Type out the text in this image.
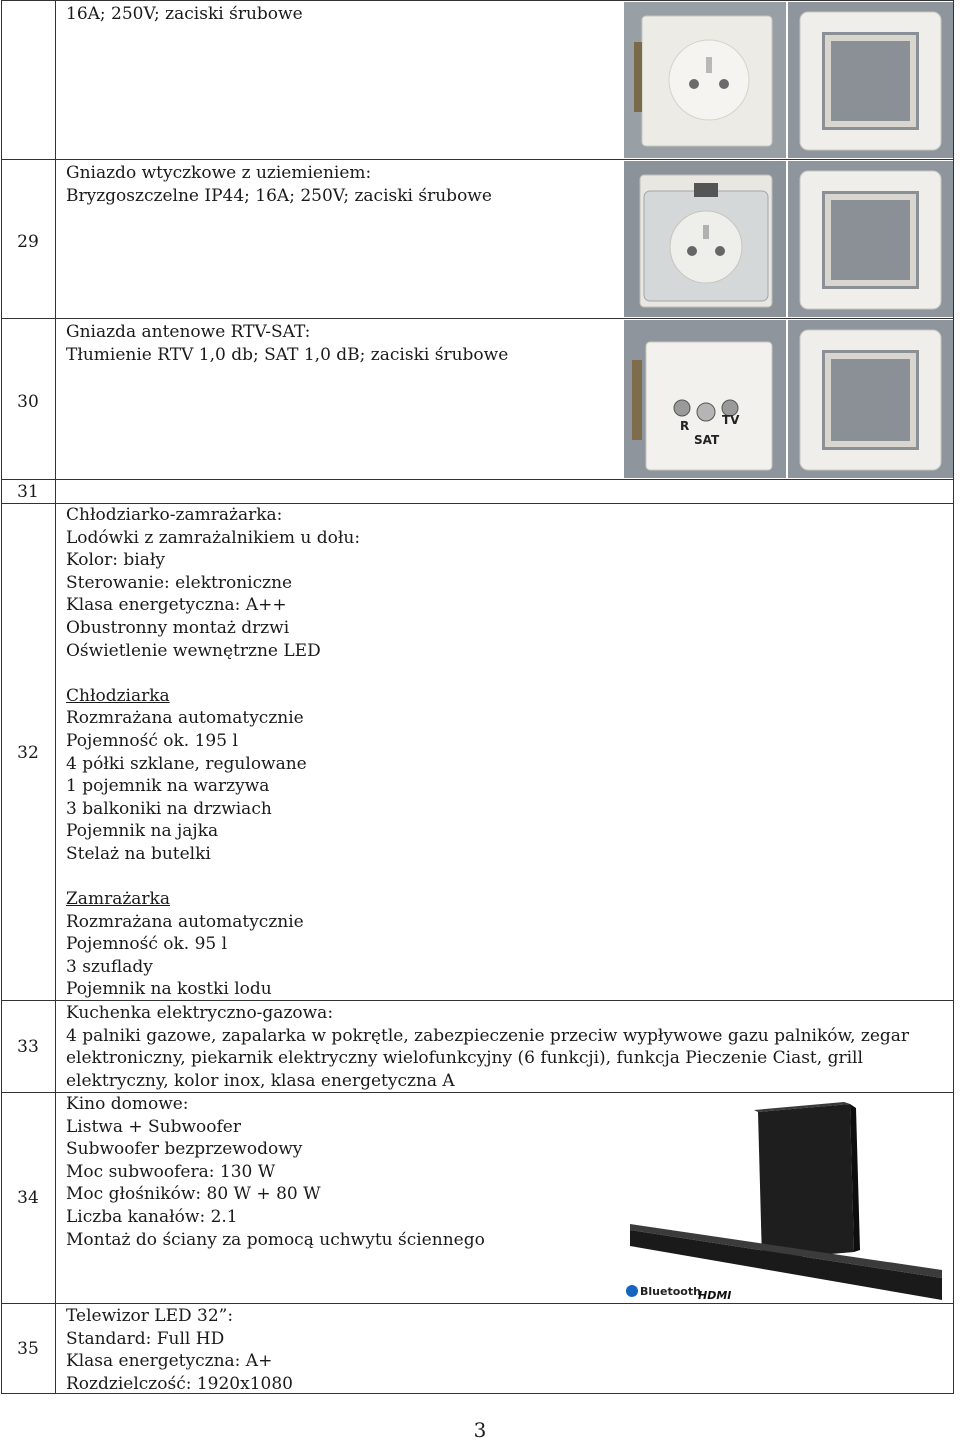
16A; 250V; zaciski śrubowe
29
Gniazdo wtyczkowe z uziemieniem:
Bryzgoszczelne IP44; 16A; 250V; zaciski śrubowe
30
Gniazda antenowe RTV-SAT:
Tłumienie RTV 1,0 db; SAT 1,0 dB; zaciski śrubowe
R	TV
SAT
31
32
Chłodziarko-zamrażarka:
Lodówki z zamrażalnikiem u dołu:
Kolor: biały
Sterowanie: elektroniczne
Klasa energetyczna: A++
Obustronny montaż drzwi
Oświetlenie wewnętrzne LED
Chłodziarka
Rozmrażana automatycznie
Pojemność ok. 195 l
4 półki szklane, regulowane
1 pojemnik na warzywa
3 balkoniki na drzwiach
Pojemnik na jajka
Stelaż na butelki
Zamrażarka
Rozmrażana automatycznie
Pojemność ok. 95 l
3 szuflady
Pojemnik na kostki lodu
33
Kuchenka elektryczno-gazowa:
4 palniki gazowe, zapalarka w pokrętle, zabezpieczenie przeciw wypływowe gazu palników, zegar elektroniczny, piekarnik elektryczny wielofunkcyjny (6 funkcji), funkcja Pieczenie Ciast, grill elektryczny, kolor inox, klasa energetyczna A
34
Kino domowe:
Listwa + Subwoofer
Subwoofer bezprzewodowy
Moc subwoofera: 130 W
Moc głośników: 80 W + 80 W
Liczba kanałów: 2.1
Montaż do ściany za pomocą uchwytu ściennego
Bluetooth
HDMI
35
Telewizor LED 32”:
Standard: Full HD
Klasa energetyczna: A+
Rozdzielczość: 1920x1080
3
